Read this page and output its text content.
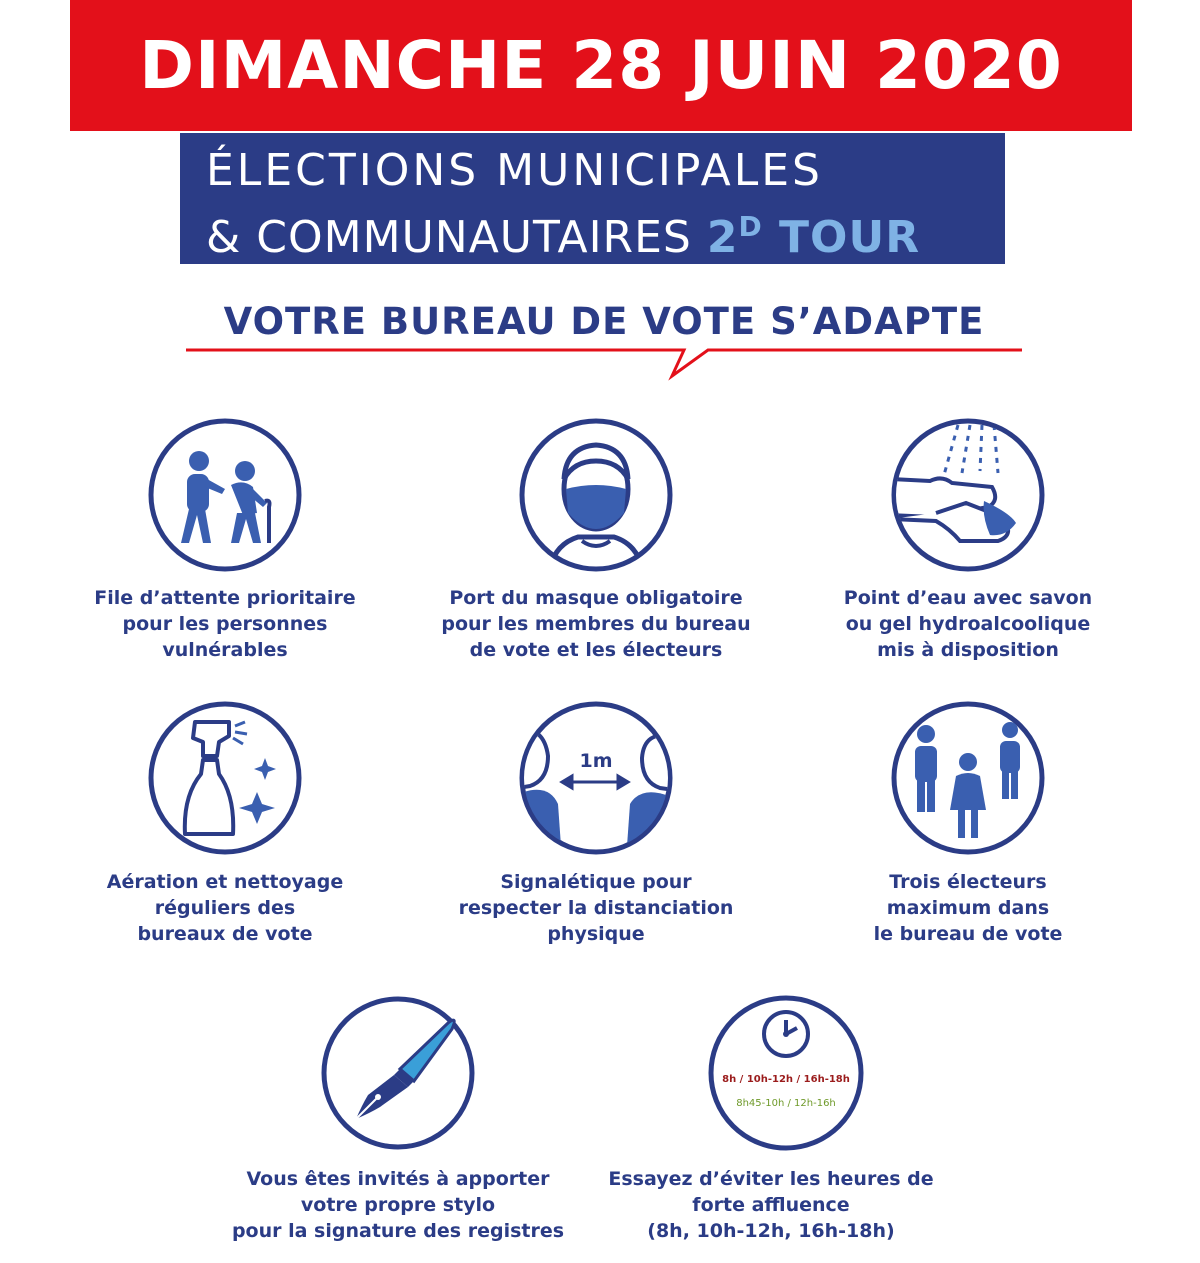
DIMANCHE 28 JUIN 2020
ÉLECTIONS MUNICIPALES
& COMMUNAUTAIRES $2^D$ TOUR
VOTRE BUREAU DE VOTE S’ADAPTE
File d’attente prioritaire
pour les personnes
vulnérables
Port du masque obligatoire
pour les membres du bureau
de vote et les électeurs
Point d’eau avec savon
ou gel hydroalcoolique
mis à disposition
Aération et nettoyage
réguliers des
bureaux de vote
1m
Signalétique pour
respecter la distanciation
physique
Trois électeurs
maximum dans
le bureau de vote
Vous êtes invités à apporter
votre propre stylo
pour la signature des registres
8h / 10h-12h / 16h-18h
8h45-10h / 12h-16h
Essayez d’éviter les heures de
forte affluence
(8h, 10h-12h, 16h-18h)
